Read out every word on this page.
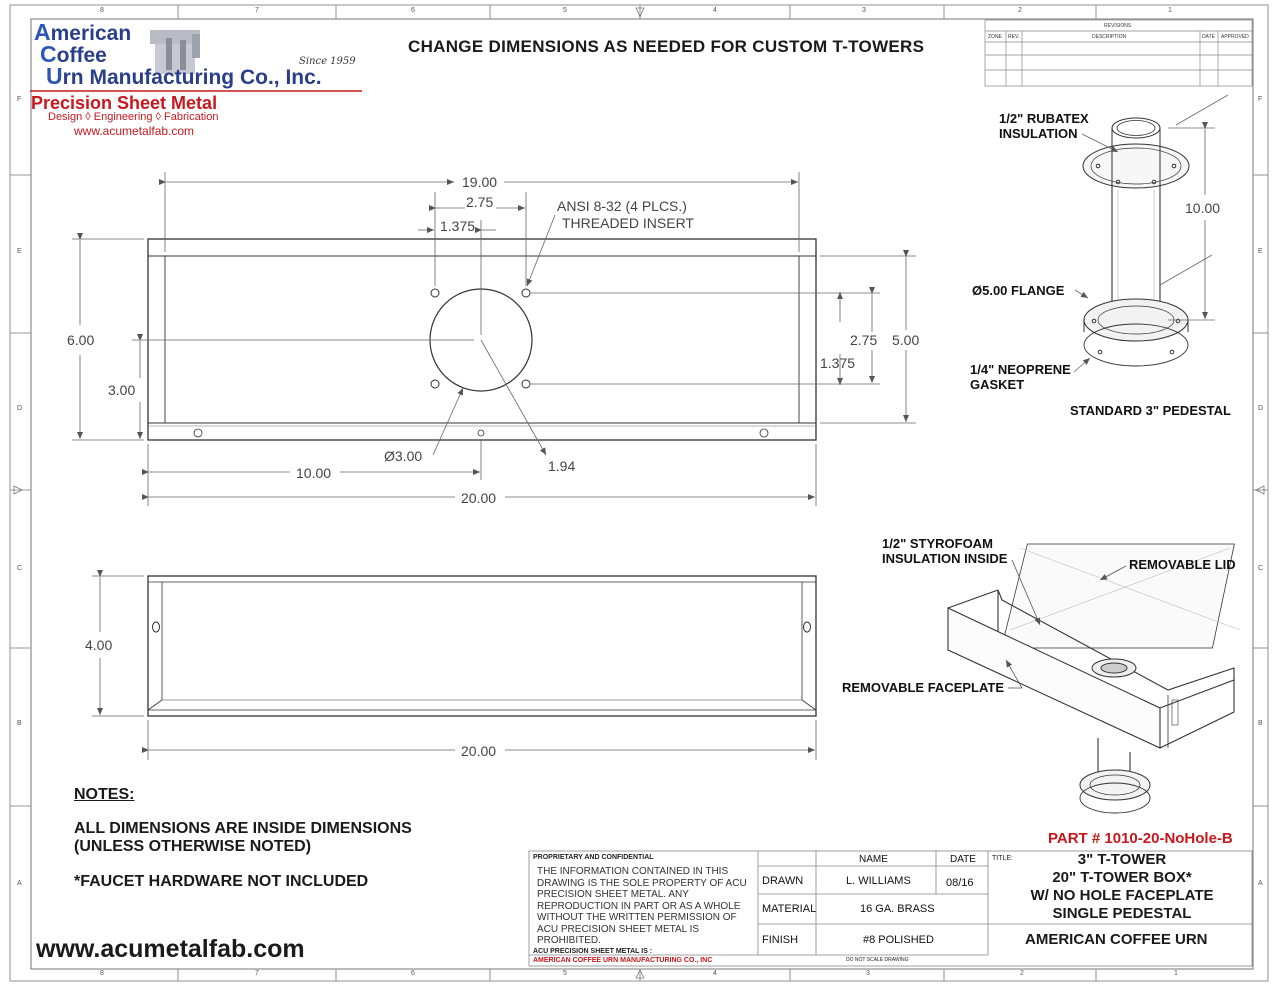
8	7	6	5	4	3	2	1
8	7	6	5	4	3	2	1
F
E
D
C
B
A
F
E
D
C
B
A
American
Coffee
Urn Manufacturing Co., Inc.
Since 1959
Precision Sheet Metal
Design ◊ Engineering ◊ Fabrication
www.acumetalfab.com
CHANGE DIMENSIONS AS NEEDED FOR CUSTOM T-TOWERS
REVISIONS
ZONE REV.	DESCRIPTION	DATE APPROVED
19.00
2.75
1.375
ANSI 8-32 (4 PLCS.)
THREADED INSERT
6.00
3.00
2.75
1.375
5.00
Ø3.00
1.94
10.00
20.00
4.00
20.00
1/2" RUBATEX
INSULATION
10.00
Ø5.00 FLANGE
1/4" NEOPRENE
GASKET
STANDARD 3" PEDESTAL
1/2" STYROFOAM
INSULATION INSIDE	REMOVABLE LID
REMOVABLE FACEPLATE
NOTES:
ALL DIMENSIONS ARE INSIDE DIMENSIONS
(UNLESS OTHERWISE NOTED)
*FAUCET HARDWARE NOT INCLUDED
www.acumetalfab.com
PART # 1010-20-NoHole-B
PROPRIETARY AND CONFIDENTIAL
THE INFORMATION CONTAINED IN THIS DRAWING IS THE SOLE PROPERTY OF ACU PRECISION SHEET METAL. ANY REPRODUCTION IN PART OR AS A WHOLE WITHOUT THE WRITTEN PERMISSION OF ACU PRECISION SHEET METAL IS PROHIBITED.
ACU PRECISION SHEET METAL IS :
AMERICAN COFFEE URN MANUFACTURING CO., INC
NAME	DATE
DRAWN	L. WILLIAMS	08/16
MATERIAL	16 GA. BRASS
FINISH	#8 POLISHED
DO NOT SCALE DRAWING
TITLE:	3" T-TOWER
20" T-TOWER BOX*
W/ NO HOLE FACEPLATE
SINGLE PEDESTAL
AMERICAN COFFEE URN
